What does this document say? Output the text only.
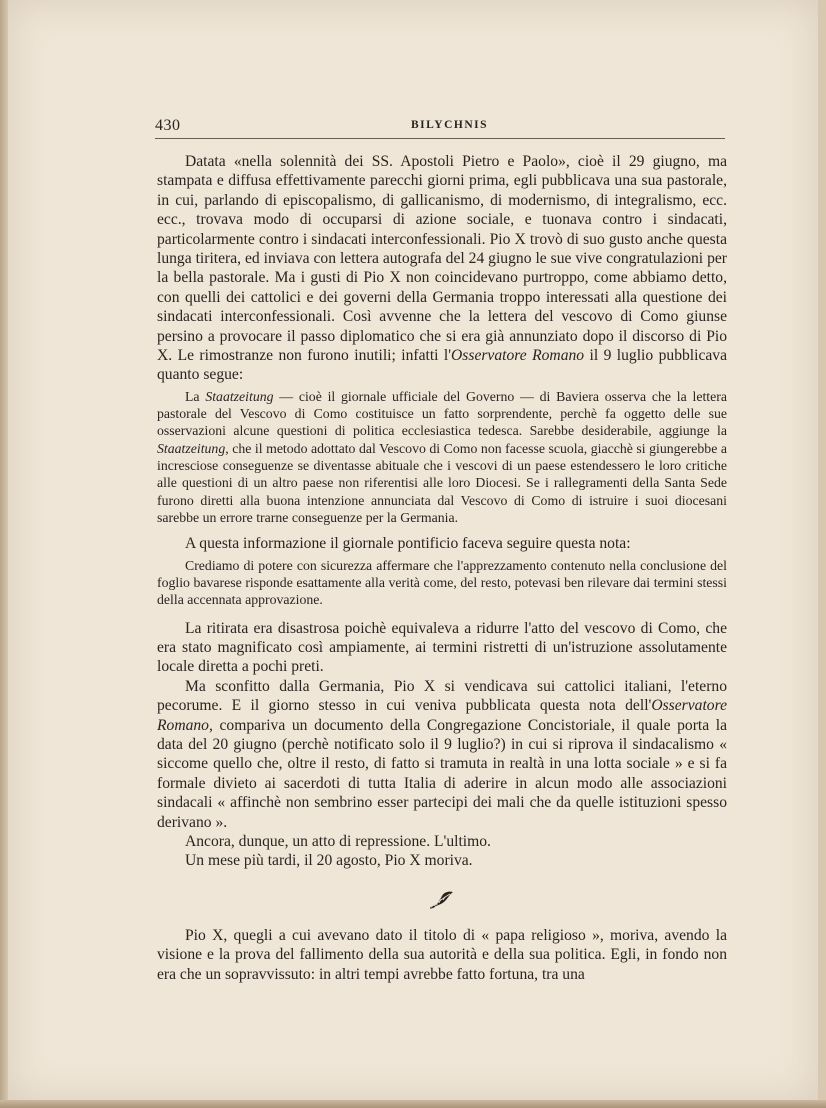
430	BILYCHNIS

Datata «nella solennità dei SS. Apostoli Pietro e Paolo», cioè il 29 giugno, ma stampata e diffusa effettivamente parecchi giorni prima, egli pubblicava una sua pastorale, in cui, parlando di episcopalismo, di gallicanismo, di modernismo, di integralismo, ecc. ecc., trovava modo di occuparsi di azione sociale, e tuonava contro i sindacati, particolarmente contro i sindacati interconfessionali. Pio X trovò di suo gusto anche questa lunga tiritera, ed inviava con lettera autografa del 24 giugno le sue vive congratulazioni per la bella pastorale. Ma i gusti di Pio X non coincidevano purtroppo, come abbiamo detto, con quelli dei cattolici e dei governi della Germania troppo interessati alla questione dei sindacati interconfessionali. Così avvenne che la lettera del vescovo di Como giunse persino a provocare il passo diplomatico che si era già annunziato dopo il discorso di Pio X. Le rimostranze non furono inutili; infatti l'Osservatore Romano il 9 luglio pubblicava quanto segue:

La Staatzeitung — cioè il giornale ufficiale del Governo — di Baviera osserva che la lettera pastorale del Vescovo di Como costituisce un fatto sorprendente, perchè fa oggetto delle sue osservazioni alcune questioni di politica ecclesiastica tedesca. Sarebbe desiderabile, aggiunge la Staatzeitung, che il metodo adottato dal Vescovo di Como non facesse scuola, giacchè si giungerebbe a incresciose conseguenze se diventasse abituale che i vescovi di un paese estendessero le loro critiche alle questioni di un altro paese non riferentisi alle loro Diocesi. Se i rallegramenti della Santa Sede furono diretti alla buona intenzione annunciata dal Vescovo di Como di istruire i suoi diocesani sarebbe un errore trarne conseguenze per la Germania.

A questa informazione il giornale pontificio faceva seguire questa nota:

Crediamo di potere con sicurezza affermare che l'apprezzamento contenuto nella conclusione del foglio bavarese risponde esattamente alla verità come, del resto, potevasi ben rilevare dai termini stessi della accennata approvazione.

La ritirata era disastrosa poichè equivaleva a ridurre l'atto del vescovo di Como, che era stato magnificato così ampiamente, ai termini ristretti di un'istruzione assolutamente locale diretta a pochi preti.

Ma sconfitto dalla Germania, Pio X si vendicava sui cattolici italiani, l'eterno pecorume. E il giorno stesso in cui veniva pubblicata questa nota dell'Osservatore Romano, compariva un documento della Congregazione Concistoriale, il quale porta la data del 20 giugno (perchè notificato solo il 9 luglio?) in cui si riprova il sindacalismo « siccome quello che, oltre il resto, di fatto si tramuta in realtà in una lotta sociale » e si fa formale divieto ai sacerdoti di tutta Italia di aderire in alcun modo alle associazioni sindacali « affinchè non sembrino esser partecipi dei mali che da quelle istituzioni spesso derivano ».

Ancora, dunque, un atto di repressione. L'ultimo.

Un mese più tardi, il 20 agosto, Pio X moriva.

Pio X, quegli a cui avevano dato il titolo di « papa religioso », moriva, avendo la visione e la prova del fallimento della sua autorità e della sua politica. Egli, in fondo non era che un sopravvissuto: in altri tempi avrebbe fatto fortuna, tra una
